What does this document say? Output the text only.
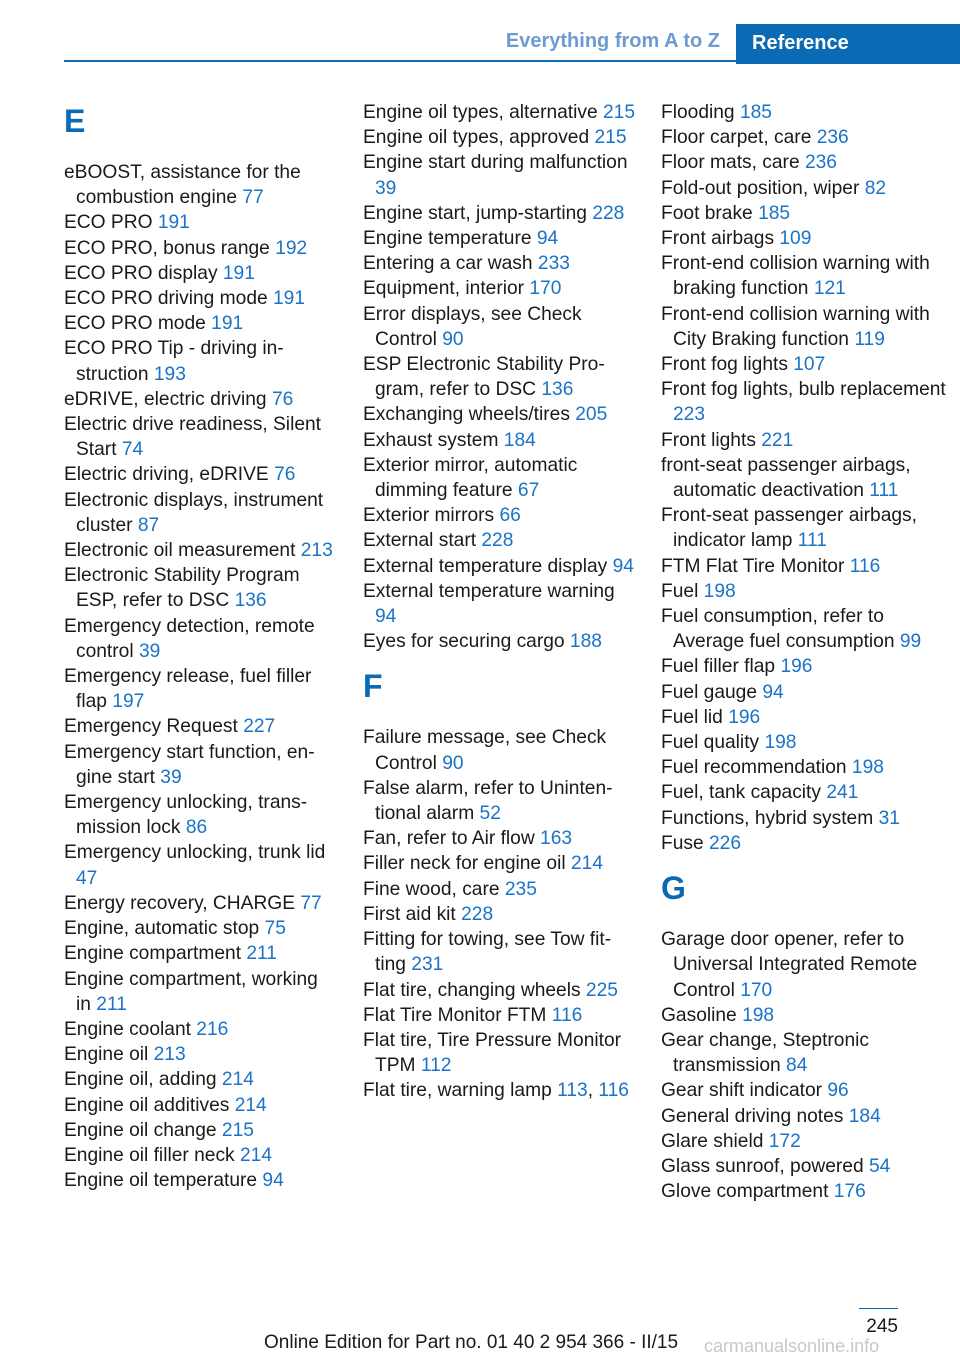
Everything from A to Z	Reference
E
eBOOST, assistance for the combustion engine 77
ECO PRO 191
ECO PRO, bonus range 192
ECO PRO display 191
ECO PRO driving mode 191
ECO PRO mode 191
ECO PRO Tip - driving instruction 193
eDRIVE, electric driving 76
Electric drive readiness, Silent Start 74
Electric driving, eDRIVE 76
Electronic displays, instrument cluster 87
Electronic oil measurement 213
Electronic Stability Program ESP, refer to DSC 136
Emergency detection, remote control 39
Emergency release, fuel filler flap 197
Emergency Request 227
Emergency start function, engine start 39
Emergency unlocking, transmission lock 86
Emergency unlocking, trunk lid 47
Energy recovery, CHARGE 77
Engine, automatic stop 75
Engine compartment 211
Engine compartment, working in 211
Engine coolant 216
Engine oil 213
Engine oil, adding 214
Engine oil additives 214
Engine oil change 215
Engine oil filler neck 214
Engine oil temperature 94
Engine oil types, alternative 215
Engine oil types, approved 215
Engine start during malfunction 39
Engine start, jump-starting 228
Engine temperature 94
Entering a car wash 233
Equipment, interior 170
Error displays, see Check Control 90
ESP Electronic Stability Program, refer to DSC 136
Exchanging wheels/tires 205
Exhaust system 184
Exterior mirror, automatic dimming feature 67
Exterior mirrors 66
External start 228
External temperature display 94
External temperature warning 94
Eyes for securing cargo 188
F
Failure message, see Check Control 90
False alarm, refer to Unintentional alarm 52
Fan, refer to Air flow 163
Filler neck for engine oil 214
Fine wood, care 235
First aid kit 228
Fitting for towing, see Tow fitting 231
Flat tire, changing wheels 225
Flat Tire Monitor FTM 116
Flat tire, Tire Pressure Monitor TPM 112
Flat tire, warning lamp 113, 116
Flooding 185
Floor carpet, care 236
Floor mats, care 236
Fold-out position, wiper 82
Foot brake 185
Front airbags 109
Front-end collision warning with braking function 121
Front-end collision warning with City Braking function 119
Front fog lights 107
Front fog lights, bulb replacement 223
Front lights 221
front-seat passenger airbags, automatic deactivation 111
Front-seat passenger airbags, indicator lamp 111
FTM Flat Tire Monitor 116
Fuel 198
Fuel consumption, refer to Average fuel consumption 99
Fuel filler flap 196
Fuel gauge 94
Fuel lid 196
Fuel quality 198
Fuel recommendation 198
Fuel, tank capacity 241
Functions, hybrid system 31
Fuse 226
G
Garage door opener, refer to Universal Integrated Remote Control 170
Gasoline 198
Gear change, Steptronic transmission 84
Gear shift indicator 96
General driving notes 184
Glare shield 172
Glass sunroof, powered 54
Glove compartment 176
245
Online Edition for Part no. 01 40 2 954 366 - II/15 carmanualsonline.info
